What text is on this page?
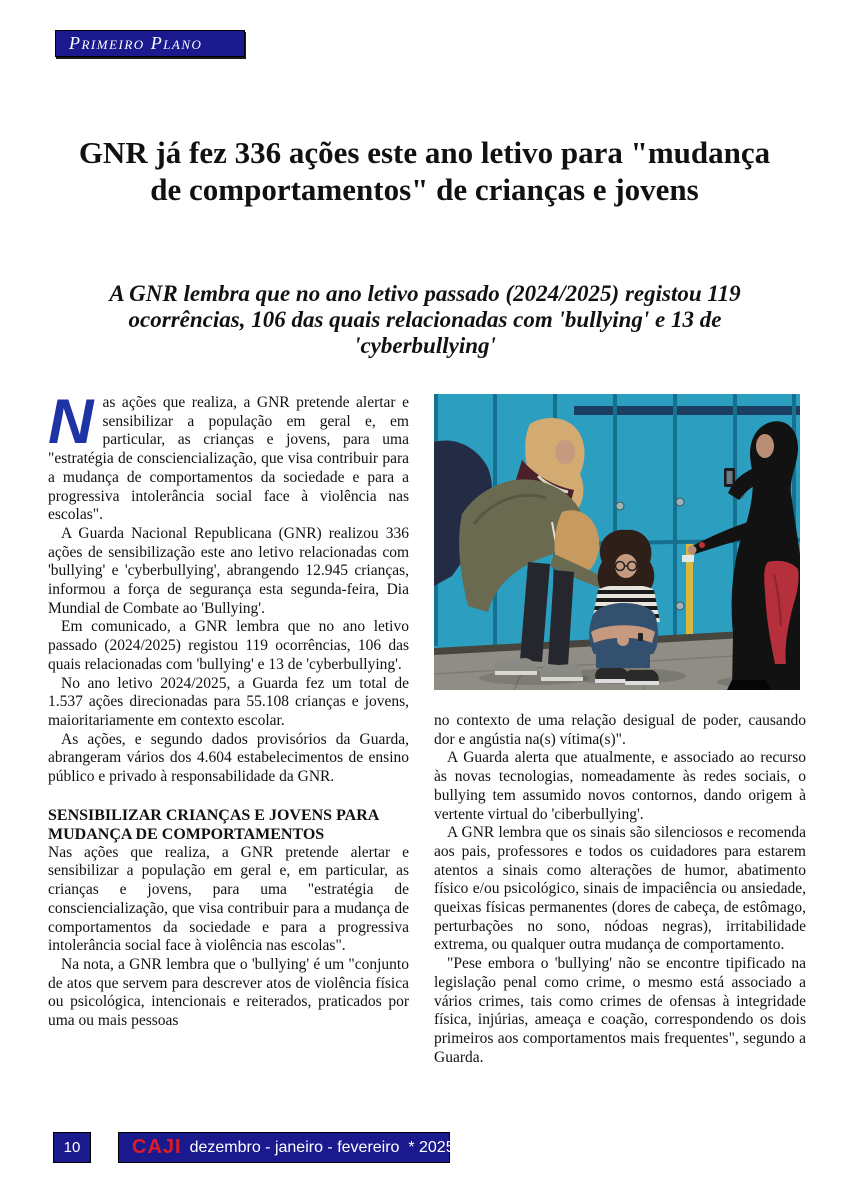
Primeiro Plano
GNR já fez 336 ações este ano letivo para "mudança de comportamentos" de crianças e jovens
A GNR lembra que no ano letivo passado (2024/2025) registou 119 ocorrências, 106 das quais relacionadas com 'bullying' e 13 de 'cyberbullying'

Nas ações que realiza, a GNR pretende alertar e sensibilizar a população em geral e, em particular, as crianças e jovens, para uma "estratégia de consciencialização, que visa contribuir para a mudança de comportamentos da sociedade e para a progressiva intolerância social face à violência nas escolas".

A Guarda Nacional Republicana (GNR) realizou 336 ações de sensibilização este ano letivo relacionadas com 'bullying' e 'cyberbullying', abrangendo 12.945 crianças, informou a força de segurança esta segunda-feira, Dia Mundial de Combate ao 'Bullying'.

Em comunicado, a GNR lembra que no ano letivo passado (2024/2025) registou 119 ocorrências, 106 das quais relacionadas com 'bullying' e 13 de 'cyberbullying'.

No ano letivo 2024/2025, a Guarda fez um total de 1.537 ações direcionadas para 55.108 crianças e jovens, maioritariamente em contexto escolar.

As ações, e segundo dados provisórios da Guarda, abrangeram vários dos 4.604 estabelecimentos de ensino público e privado à responsabilidade da GNR.

SENSIBILIZAR CRIANÇAS E JOVENS PARA MUDANÇA DE COMPORTAMENTOS

Nas ações que realiza, a GNR pretende alertar e sensibilizar a população em geral e, em particular, as crianças e jovens, para uma "estratégia de consciencialização, que visa contribuir para a mudança de comportamentos da sociedade e para a progressiva intolerância social face à violência nas escolas".

Na nota, a GNR lembra que o 'bullying' é um "conjunto de atos que servem para descrever atos de violência física ou psicológica, intencionais e reiterados, praticados por uma ou mais pessoas

no contexto de uma relação desigual de poder, causando dor e angústia na(s) vítima(s)".

A Guarda alerta que atualmente, e associado ao recurso às novas tecnologias, nomeadamente às redes sociais, o bullying tem assumido novos contornos, dando origem à vertente virtual do 'ciberbullying'.

A GNR lembra que os sinais são silenciosos e recomenda aos pais, professores e todos os cuidadores para estarem atentos a sinais como alterações de humor, abatimento físico e/ou psicológico, sinais de impaciência ou ansiedade, queixas físicas permanentes (dores de cabeça, de estômago, perturbações no sono, nódoas negras), irritabilidade extrema, ou qualquer outra mudança de comportamento.

"Pese embora o 'bullying' não se encontre tipificado na legislação penal como crime, o mesmo está associado a vários crimes, tais como crimes de ofensas à integridade física, injúrias, ameaça e coação, correspondendo os dois primeiros aos comportamentos mais frequentes", segundo a Guarda.

10	CAJI dezembro - janeiro - fevereiro  * 2025
